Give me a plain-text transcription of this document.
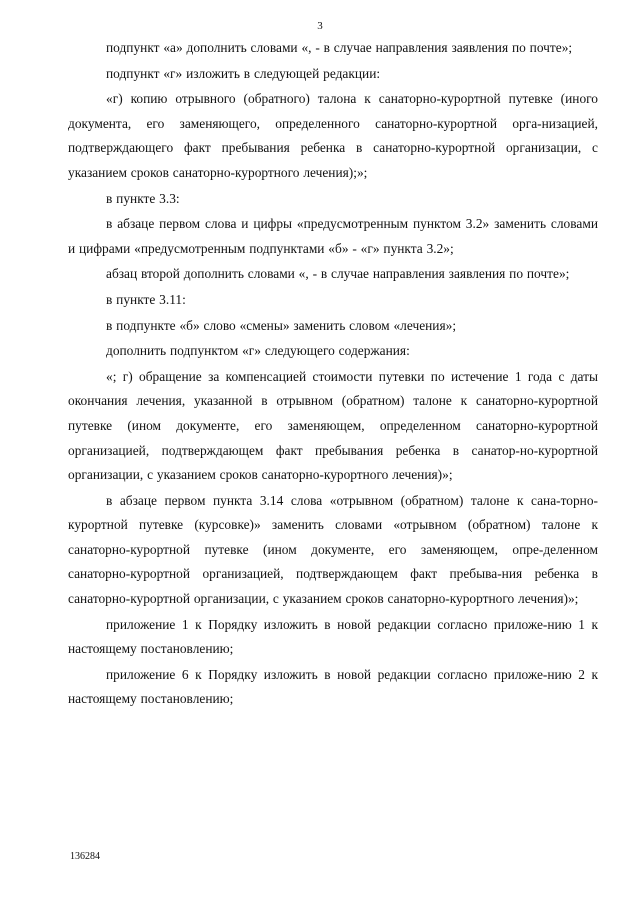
3

подпункт «а» дополнить словами «, - в случае направления заявления по почте»;

подпункт «г» изложить в следующей редакции:

«г) копию отрывного (обратного) талона к санаторно-курортной путевке (иного документа, его заменяющего, определенного санаторно-курортной орга-низацией, подтверждающего факт пребывания ребенка в санаторно-курортной организации, с указанием сроков санаторно-курортного лечения);»;

в пункте 3.3:

в абзаце первом слова и цифры «предусмотренным пунктом 3.2» заменить словами и цифрами «предусмотренным подпунктами «б» - «г» пункта 3.2»;

абзац второй дополнить словами «, - в случае направления заявления по почте»;

в пункте 3.11:

в подпункте «б» слово «смены» заменить словом «лечения»;

дополнить подпунктом «г» следующего содержания:

«; г) обращение за компенсацией стоимости путевки по истечение 1 года с даты окончания лечения, указанной в отрывном (обратном) талоне к санаторно-курортной путевке (ином документе, его заменяющем, определенном санаторно-курортной организацией, подтверждающем факт пребывания ребенка в санатор-но-курортной организации, с указанием сроков санаторно-курортного лечения)»;

в абзаце первом пункта 3.14 слова «отрывном (обратном) талоне к сана-торно-курортной путевке (курсовке)» заменить словами «отрывном (обратном) талоне к санаторно-курортной путевке (ином документе, его заменяющем, опре-деленном санаторно-курортной организацией, подтверждающем факт пребыва-ния ребенка в санаторно-курортной организации, с указанием сроков санаторно-курортного лечения)»;

приложение 1 к Порядку изложить в новой редакции согласно приложе-нию 1 к настоящему постановлению;

приложение 6 к Порядку изложить в новой редакции согласно приложе-нию 2 к настоящему постановлению;

136284
